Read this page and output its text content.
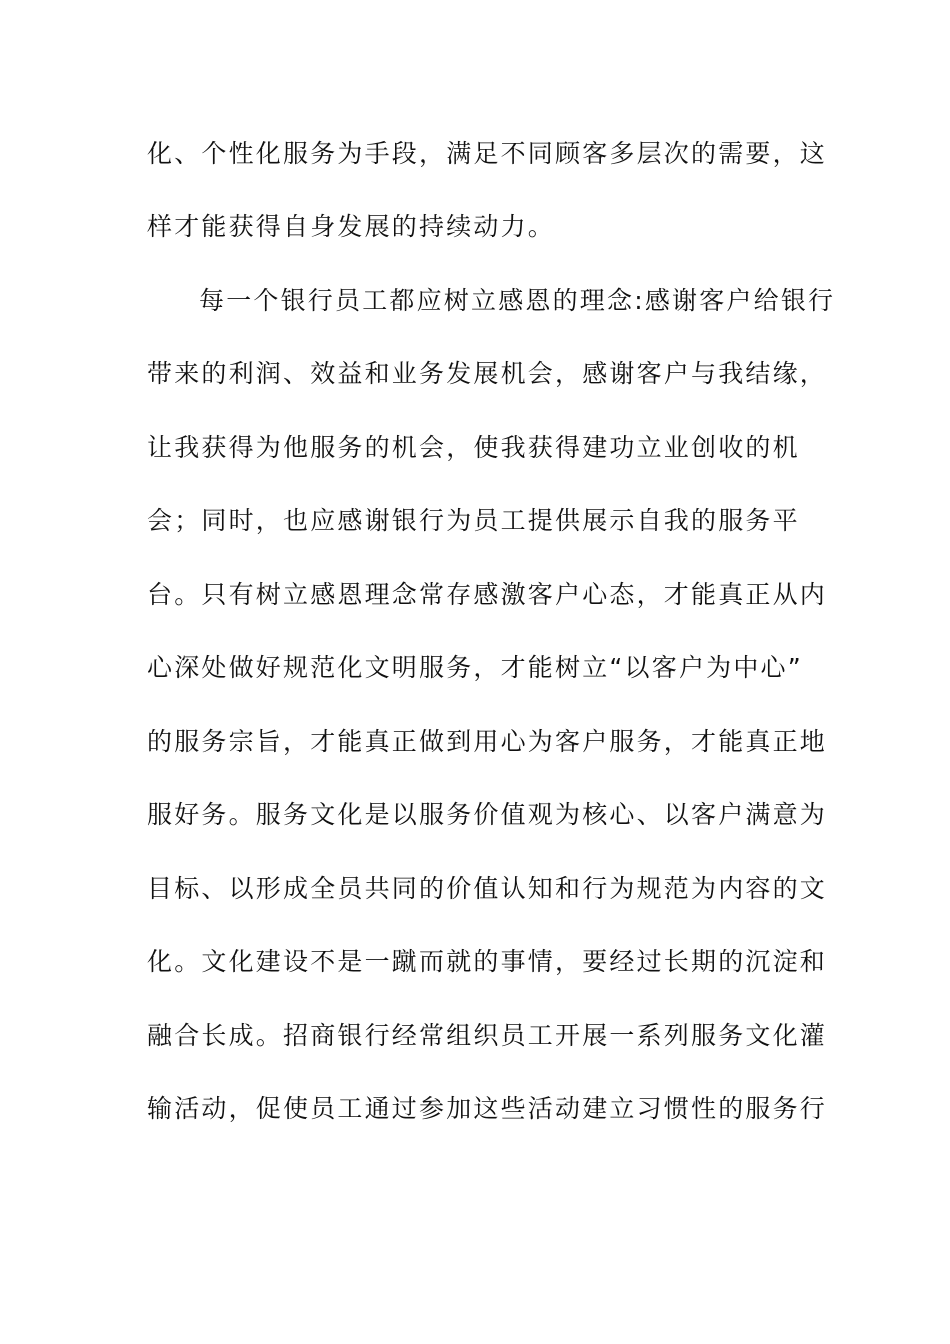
化、个性化服务为手段，满足不同顾客多层次的需要，这

样才能获得自身发展的持续动力。

每一个银行员工都应树立感恩的理念:感谢客户给银行

带来的利润、效益和业务发展机会，感谢客户与我结缘，

让我获得为他服务的机会，使我获得建功立业创收的机

会；同时，也应感谢银行为员工提供展示自我的服务平

台。只有树立感恩理念常存感激客户心态，才能真正从内

心深处做好规范化文明服务，才能树立“以客户为中心”

的服务宗旨，才能真正做到用心为客户服务，才能真正地

服好务。服务文化是以服务价值观为核心、以客户满意为

目标、以形成全员共同的价值认知和行为规范为内容的文

化。文化建设不是一蹴而就的事情，要经过长期的沉淀和

融合长成。招商银行经常组织员工开展一系列服务文化灌

输活动，促使员工通过参加这些活动建立习惯性的服务行
